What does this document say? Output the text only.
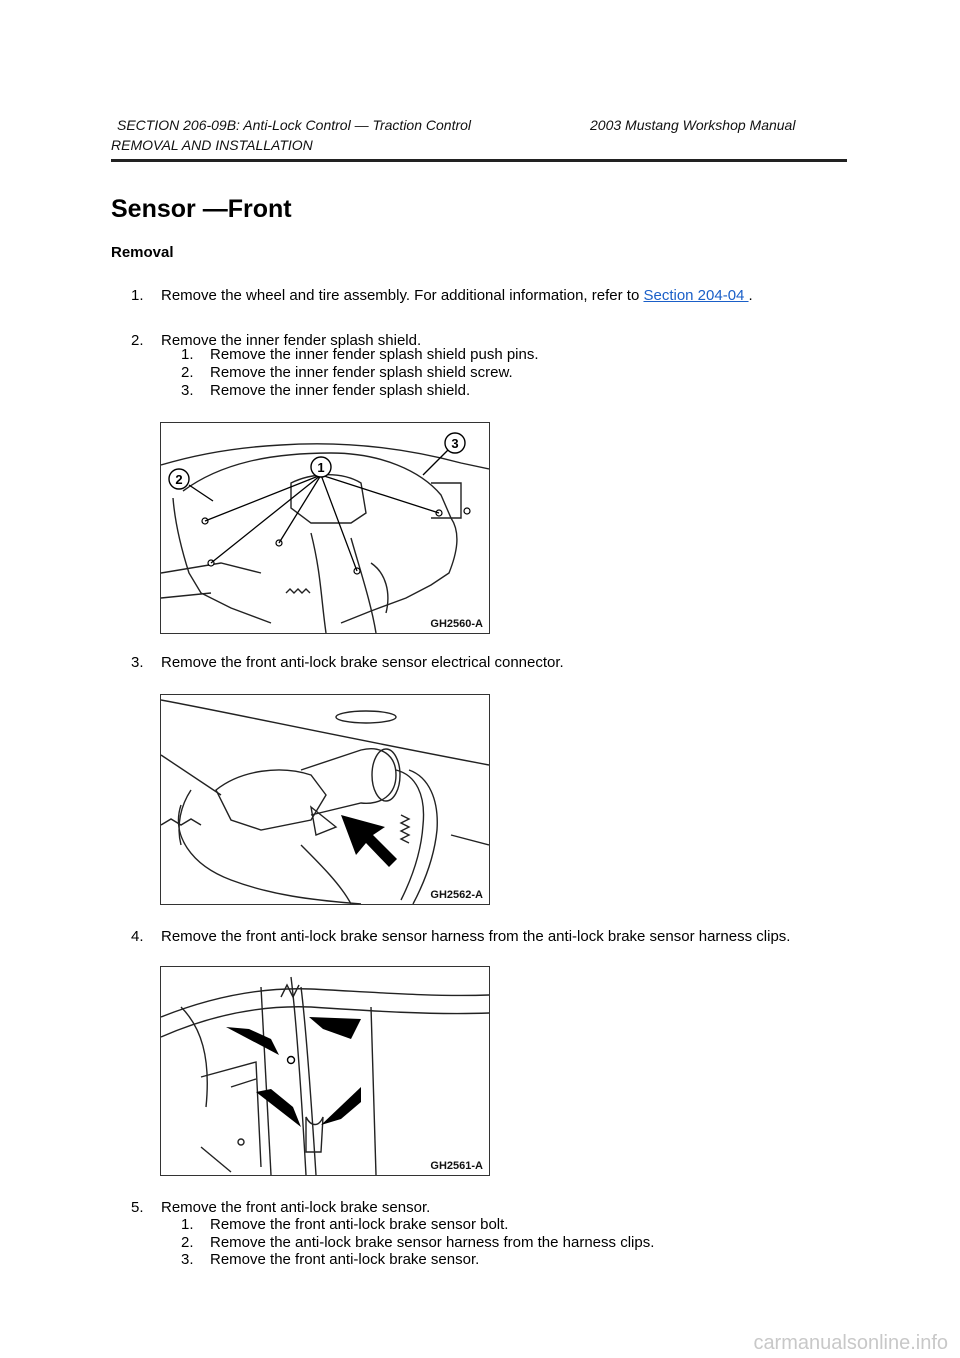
SECTION 206-09B: Anti-Lock Control — Traction Control	2003 Mustang Workshop Manual
REMOVAL AND INSTALLATION
Sensor —Front
Removal
1. Remove the wheel and tire assembly. For additional information, refer to Section 204-04 .
2. Remove the inner fender splash shield.
1. Remove the inner fender splash shield push pins.
2. Remove the inner fender splash shield screw.
3. Remove the inner fender splash shield.
1
2
3
GH2560-A
3. Remove the front anti-lock brake sensor electrical connector.
GH2562-A
4. Remove the front anti-lock brake sensor harness from the anti-lock brake sensor harness clips.
GH2561-A
5. Remove the front anti-lock brake sensor.
1. Remove the front anti-lock brake sensor bolt.
2. Remove the anti-lock brake sensor harness from the harness clips.
3. Remove the front anti-lock brake sensor.
carmanualsonline.info
